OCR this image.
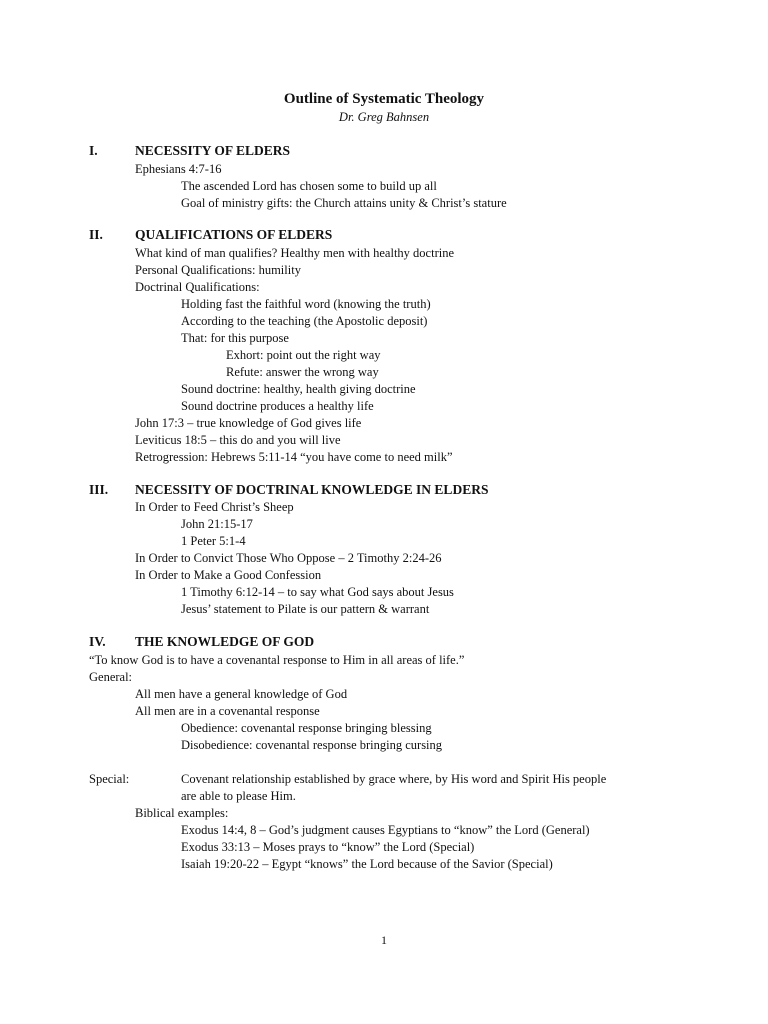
Outline of Systematic Theology
Dr. Greg Bahnsen
I.	NECESSITY OF ELDERS
Ephesians 4:7-16
The ascended Lord has chosen some to build up all
Goal of ministry gifts: the Church attains unity & Christ’s stature
II. QUALIFICATIONS OF ELDERS
What kind of man qualifies? Healthy men with healthy doctrine
Personal Qualifications: humility
Doctrinal Qualifications:
Holding fast the faithful word (knowing the truth)
According to the teaching (the Apostolic deposit)
That: for this purpose
Exhort: point out the right way
Refute: answer the wrong way
Sound doctrine: healthy, health giving doctrine
Sound doctrine produces a healthy life
John 17:3 – true knowledge of God gives life
Leviticus 18:5 – this do and you will live
Retrogression: Hebrews 5:11-14 “you have come to need milk”
III. NECESSITY OF DOCTRINAL KNOWLEDGE IN ELDERS
In Order to Feed Christ’s Sheep
John 21:15-17
1 Peter 5:1-4
In Order to Convict Those Who Oppose – 2 Timothy 2:24-26
In Order to Make a Good Confession
1 Timothy 6:12-14 – to say what God says about Jesus
Jesus’ statement to Pilate is our pattern & warrant
IV. THE KNOWLEDGE OF GOD
“To know God is to have a covenantal response to Him in all areas of life.”
General:
All men have a general knowledge of God
All men are in a covenantal response
Obedience: covenantal response bringing blessing
Disobedience: covenantal response bringing cursing
Special:	Covenant relationship established by grace where, by His word and Spirit His people
are able to please Him.
Biblical examples:
Exodus 14:4, 8 – God’s judgment causes Egyptians to “know” the Lord (General)
Exodus 33:13 – Moses prays to “know” the Lord (Special)
Isaiah 19:20-22 – Egypt “knows” the Lord because of the Savior (Special)
1
